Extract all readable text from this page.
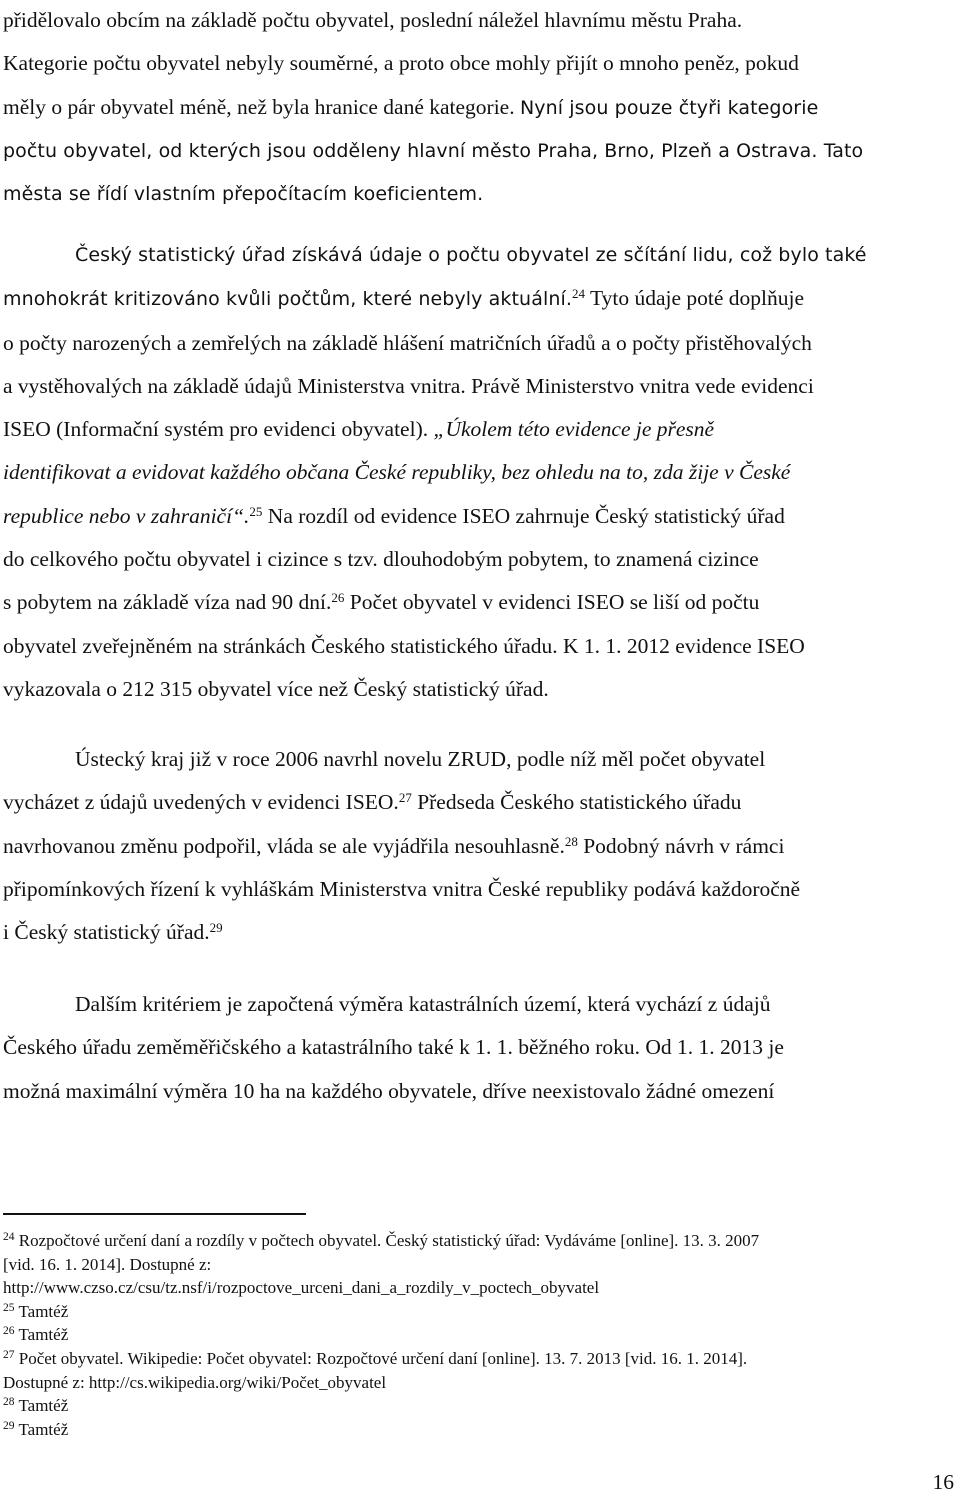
přidělovalo obcím na základě počtu obyvatel, poslední náležel hlavnímu městu Praha.
Kategorie počtu obyvatel nebyly souměrné, a proto obce mohly přijít o mnoho peněz, pokud
měly o pár obyvatel méně, než byla hranice dané kategorie. Nyní jsou pouze čtyři kategorie
počtu obyvatel, od kterých jsou odděleny hlavní město Praha, Brno, Plzeň a Ostrava. Tato
města se řídí vlastním přepočítacím koeficientem.
Český statistický úřad získává údaje o počtu obyvatel ze sčítání lidu, což bylo také
mnohokrát kritizováno kvůli počtům, které nebyly aktuální.$^{24}$ Tyto údaje poté doplňuje
o počty narozených a zemřelých na základě hlášení matričních úřadů a o počty přistěhovalých
a vystěhovalých na základě údajů Ministerstva vnitra. Právě Ministerstvo vnitra vede evidenci
ISEO (Informační systém pro evidenci obyvatel). „Úkolem této evidence je přesně
identifikovat a evidovat každého občana České republiky, bez ohledu na to, zda žije v České
republice nebo v zahraničí“.$^{25}$ Na rozdíl od evidence ISEO zahrnuje Český statistický úřad
do celkového počtu obyvatel i cizince s tzv. dlouhodobým pobytem, to znamená cizince
s pobytem na základě víza nad 90 dní.$^{26}$ Počet obyvatel v evidenci ISEO se liší od počtu
obyvatel zveřejněném na stránkách Českého statistického úřadu. K 1. 1. 2012 evidence ISEO
vykazovala o 212 315 obyvatel více než Český statistický úřad.
Ústecký kraj již v roce 2006 navrhl novelu ZRUD, podle níž měl počet obyvatel
vycházet z údajů uvedených v evidenci ISEO.$^{27}$ Předseda Českého statistického úřadu
navrhovanou změnu podpořil, vláda se ale vyjádřila nesouhlasně.$^{28}$ Podobný návrh v rámci
připomínkových řízení k vyhláškám Ministerstva vnitra České republiky podává každoročně
i Český statistický úřad.$^{29}$
Dalším kritériem je započtená výměra katastrálních území, která vychází z údajů
Českého úřadu zeměměřičského a katastrálního také k 1. 1. běžného roku. Od 1. 1. 2013 je
možná maximální výměra 10 ha na každého obyvatele, dříve neexistovalo žádné omezení
$^{24}$ Rozpočtové určení daní a rozdíly v počtech obyvatel. Český statistický úřad: Vydáváme [online]. 13. 3. 2007
[vid. 16. 1. 2014]. Dostupné z:
http://www.czso.cz/csu/tz.nsf/i/rozpoctove_urceni_dani_a_rozdily_v_poctech_obyvatel
$^{25}$ Tamtéž
$^{26}$ Tamtéž
$^{27}$ Počet obyvatel. Wikipedie: Počet obyvatel: Rozpočtové určení daní [online]. 13. 7. 2013 [vid. 16. 1. 2014].
Dostupné z: http://cs.wikipedia.org/wiki/Počet_obyvatel
$^{28}$ Tamtéž
$^{29}$ Tamtéž
16
